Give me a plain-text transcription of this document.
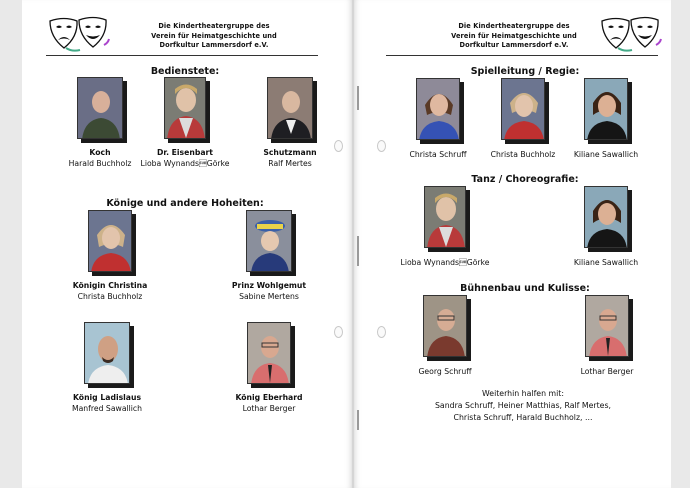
Die Kindertheatergruppe des
Verein für Heimatgeschichte und
Dorfkultur Lammersdorf e.V.
Die Kindertheatergruppe des
Verein für Heimatgeschichte und
Dorfkultur Lammersdorf e.V.
Bedienstete:
Koch
Harald Buchholz
Dr. Eisenbart
Lioba WynandsGörke
Schutzmann
Ralf Mertes
Könige und andere Hoheiten:
Königin Christina
Christa Buchholz
Prinz Wohlgemut
Sabine Mertens
König Ladislaus
Manfred Sawallich
König Eberhard
Lothar Berger
Spielleitung / Regie:
Christa Schruff	Christa Buchholz	Kiliane Sawallich
Tanz / Choreografie:
Lioba WynandsGörke	Kiliane Sawallich
Bühnenbau und Kulisse:
Georg Schruff	Lothar Berger
Weiterhin halfen mit:
Sandra Schruff, Heiner Matthias, Ralf Mertes,
Christa Schruff, Harald Buchholz, ...
